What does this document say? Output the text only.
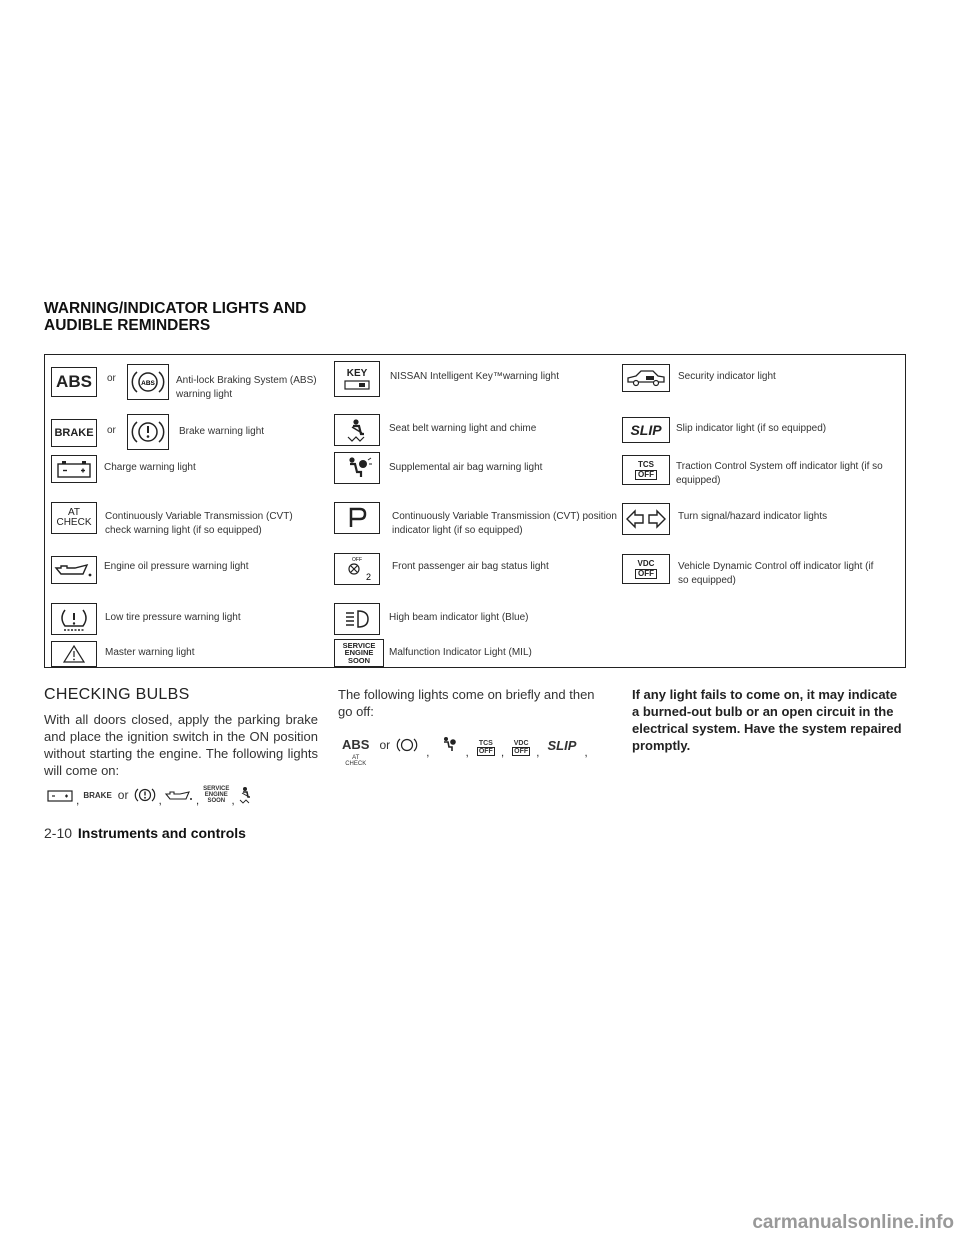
WARNING/INDICATOR LIGHTS AND
AUDIBLE REMINDERS
ABS or	ABS Anti-lock Braking System (ABS) warning light
BRAKE or	Brake warning light
Charge warning light
AT
CHECK
Continuously Variable Transmission (CVT) check warning light (if so equipped)
Engine oil pressure warning light
Low tire pressure warning light
Master warning light
KEY NISSAN Intelligent Key™warning light
Seat belt warning light and chime
Supplemental air bag warning light
Continuously Variable Transmission (CVT) position indicator light (if so equipped)
OFF
2
Front passenger air bag status light
High beam indicator light (Blue)
SERVICE
ENGINE
SOON
Malfunction Indicator Light (MIL)
Security indicator light
SLIP Slip indicator light (if so equipped)
TCS
OFF
Traction Control System off indicator light (if so equipped)
Turn signal/hazard indicator lights
VDC
OFF
Vehicle Dynamic Control off indicator light (if so equipped)
CHECKING BULBS
With all doors closed, apply the parking brake and place the ignition switch in the ON position without starting the engine. The following lights will come on:
, BRAKE or	,	,
SERVICE
ENGINE
SOON ,
The following lights come on briefly and then go off:
ABS
AT
CHECK
or	,	,
TCS
OFF ,
VDC
OFF , SLIP ,
If any light fails to come on, it may indicate a burned-out bulb or an open circuit in the electrical system. Have the system repaired promptly.
2-10 Instruments and controls
carmanualsonline.info
